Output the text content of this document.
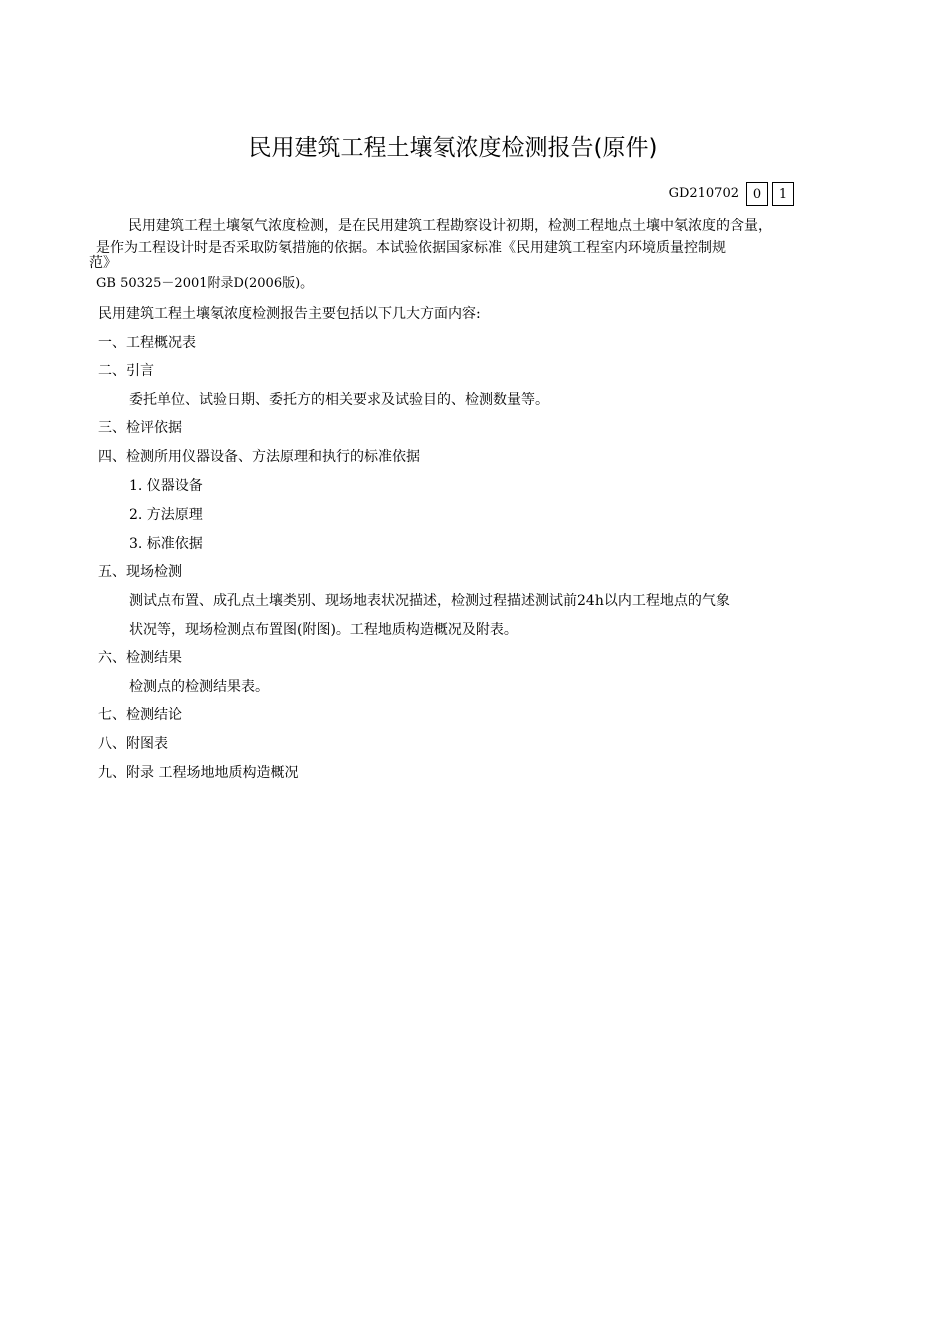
民用建筑工程土壤氡浓度检测报告(原件)
GD210702	0	1
民用建筑工程土壤氡气浓度检测，是在民用建筑工程勘察设计初期，检测工程地点土壤中氡浓度的含量，
是作为工程设计时是否采取防氡措施的依据。本试验依据国家标准《民用建筑工程室内环境质量控制规
范》
GB 50325－2001附录D(2006版)。
民用建筑工程土壤氡浓度检测报告主要包括以下几大方面内容:
一、工程概况表
二、引言
委托单位、试验日期、委托方的相关要求及试验目的、检测数量等。
三、检评依据
四、检测所用仪器设备、方法原理和执行的标准依据
1. 仪器设备
2. 方法原理
3. 标准依据
五、现场检测
测试点布置、成孔点土壤类别、现场地表状况描述，检测过程描述测试前24h以内工程地点的气象
状况等，现场检测点布置图(附图)。工程地质构造概况及附表。
六、检测结果
检测点的检测结果表。
七、检测结论
八、附图表
九、附录 工程场地地质构造概况
